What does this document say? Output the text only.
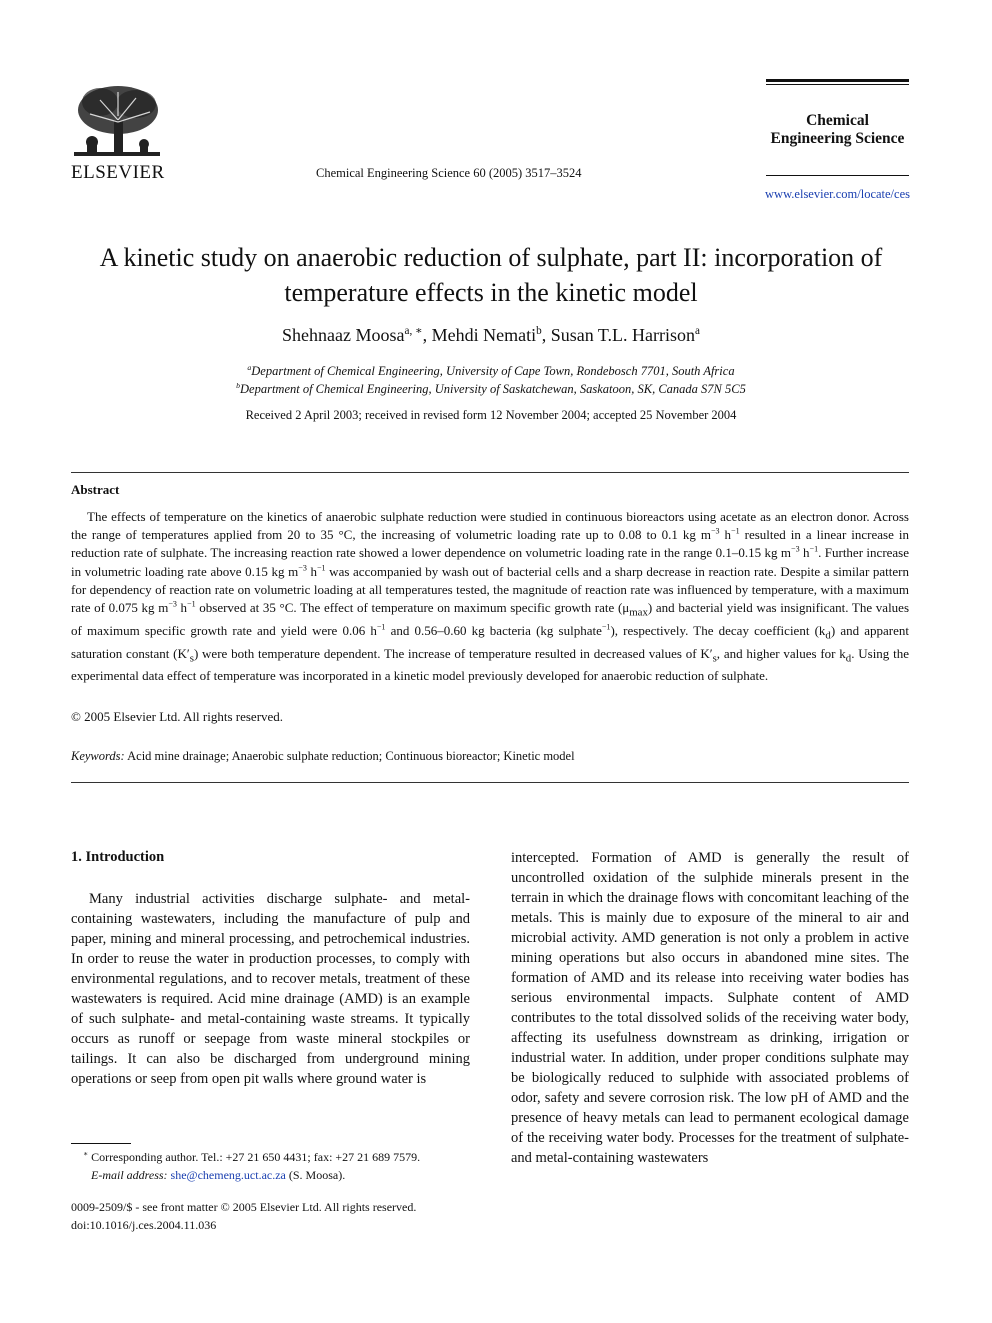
ELSEVIER	Chemical Engineering Science 60 (2005) 3517–3524
Chemical
Engineering Science
www.elsevier.com/locate/ces
A kinetic study on anaerobic reduction of sulphate, part II: incorporation of
temperature effects in the kinetic model
Shehnaaz Moosa$^{a, ∗}$, Mehdi Nemati$^b$, Susan T.L. Harrison$^a$
$^a$Department of Chemical Engineering, University of Cape Town, Rondebosch 7701, South Africa
$^b$Department of Chemical Engineering, University of Saskatchewan, Saskatoon, SK, Canada S7N 5C5
Received 2 April 2003; received in revised form 12 November 2004; accepted 25 November 2004
Abstract
The effects of temperature on the kinetics of anaerobic sulphate reduction were studied in continuous bioreactors using acetate as an electron donor. Across the range of temperatures applied from 20 to 35 °C, the increasing of volumetric loading rate up to 0.08 to 0.1 kg $m^{-3}$ $h^{-1}$ resulted in a linear increase in reduction rate of sulphate. The increasing reaction rate showed a lower dependence on volumetric loading rate in the range 0.1–0.15 kg $m^{-3}$ $h^{-1}$. Further increase in volumetric loading rate above 0.15 kg $m^{-3}$ $h^{-1}$ was accompanied by wash out of bacterial cells and a sharp decrease in reaction rate. Despite a similar pattern for dependency of reaction rate on volumetric loading at all temperatures tested, the magnitude of reaction rate was influenced by temperature, with a maximum rate of 0.075 kg $m^{-3}$ $h^{-1}$ observed at 35 °C. The effect of temperature on maximum specific growth rate $(\mu_{max})$ and bacterial yield was insignificant. The values of maximum specific growth rate and yield were 0.06 $h^{-1}$ and 0.56–0.60 kg bacteria (kg sulphate$^{-1}$), respectively. The decay coefficient $(k_d)$ and apparent saturation constant $(K'_s)$ were both temperature dependent. The increase of temperature resulted in decreased values of $K'_s$, and higher values for $k_d$. Using the experimental data effect of temperature was incorporated in a kinetic model previously developed for anaerobic reduction of sulphate.
© 2005 Elsevier Ltd. All rights reserved.
Keywords: Acid mine drainage; Anaerobic sulphate reduction; Continuous bioreactor; Kinetic model
1. Introduction
Many industrial activities discharge sulphate- and metal-containing wastewaters, including the manufacture of pulp and paper, mining and mineral processing, and petrochemical industries. In order to reuse the water in production processes, to comply with environmental regulations, and to recover metals, treatment of these wastewaters is required. Acid mine drainage (AMD) is an example of such sulphate- and metal-containing waste streams. It typically occurs as runoff or seepage from waste mineral stockpiles or tailings. It can also be discharged from underground mining operations or seep from open pit walls where ground water is
intercepted. Formation of AMD is generally the result of uncontrolled oxidation of the sulphide minerals present in the terrain in which the drainage flows with concomitant leaching of the metals. This is mainly due to exposure of the mineral to air and microbial activity. AMD generation is not only a problem in active mining operations but also occurs in abandoned mine sites. The formation of AMD and its release into receiving water bodies has serious environmental impacts. Sulphate content of AMD contributes to the total dissolved solids of the receiving water body, affecting its usefulness downstream as drinking, irrigation or industrial water. In addition, under proper conditions sulphate may be biologically reduced to sulphide with associated problems of odor, safety and severe corrosion risk. The low pH of AMD and the presence of heavy metals can lead to permanent ecological damage of the receiving water body. Processes for the treatment of sulphate- and metal-containing wastewaters
∗ Corresponding author. Tel.: +27 21 650 4431; fax: +27 21 689 7579.
E-mail address: she@chemeng.uct.ac.za (S. Moosa).
0009-2509/$ - see front matter © 2005 Elsevier Ltd. All rights reserved.
doi:10.1016/j.ces.2004.11.036
